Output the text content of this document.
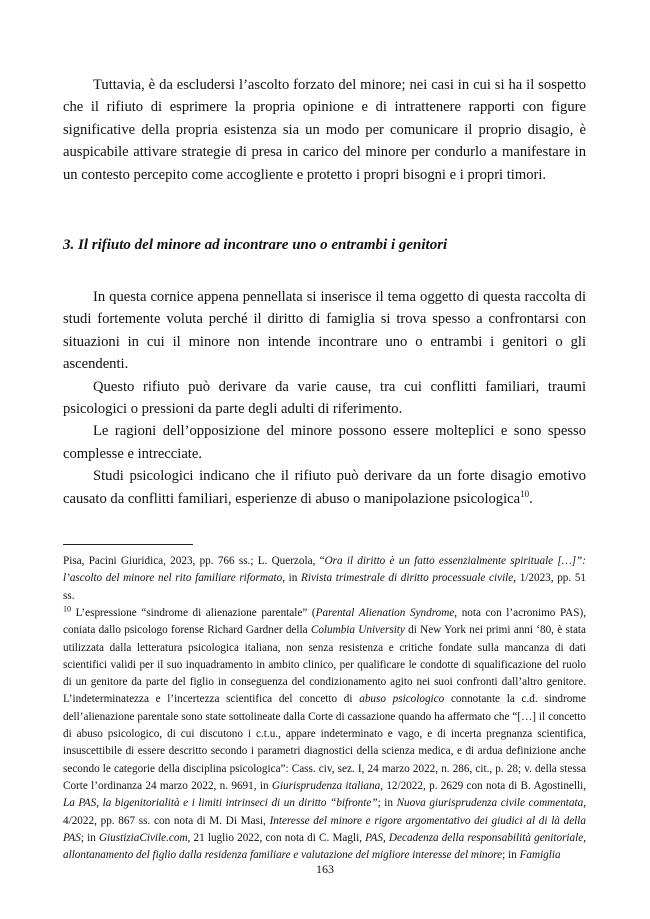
Tuttavia, è da escludersi l’ascolto forzato del minore; nei casi in cui si ha il sospetto che il rifiuto di esprimere la propria opinione e di intrattenere rapporti con figure significative della propria esistenza sia un modo per comunicare il proprio disagio, è auspicabile attivare strategie di presa in carico del minore per condurlo a manifestare in un contesto percepito come accogliente e protetto i propri bisogni e i propri timori.

3. Il rifiuto del minore ad incontrare uno o entrambi i genitori

In questa cornice appena pennellata si inserisce il tema oggetto di questa raccolta di studi fortemente voluta perché il diritto di famiglia si trova spesso a confrontarsi con situazioni in cui il minore non intende incontrare uno o entrambi i genitori o gli ascendenti.

Questo rifiuto può derivare da varie cause, tra cui conflitti familiari, traumi psicologici o pressioni da parte degli adulti di riferimento.

Le ragioni dell’opposizione del minore possono essere molteplici e sono spesso complesse e intrecciate.

Studi psicologici indicano che il rifiuto può derivare da un forte disagio emotivo causato da conflitti familiari, esperienze di abuso o manipolazione psicologica$^{10}$.

Pisa, Pacini Giuridica, 2023, pp. 766 ss.; L. Querzola, “Ora il diritto è un fatto essenzialmente spirituale […]”: l’ascolto del minore nel rito familiare riformato, in Rivista trimestrale di diritto processuale civile, 1/2023, pp. 51 ss.

$^{10}$ L’espressione “sindrome di alienazione parentale” (Parental Alienation Syndrome, nota con l’acronimo PAS), coniata dallo psicologo forense Richard Gardner della Columbia University di New York nei primi anni ‘80, è stata utilizzata dalla letteratura psicologica italiana, non senza resistenza e critiche fondate sulla mancanza di dati scientifici validi per il suo inquadramento in ambito clinico, per qualificare le condotte di squalificazione del ruolo di un genitore da parte del figlio in conseguenza del condizionamento agito nei suoi confronti dall’altro genitore. L’indeterminatezza e l’incertezza scientifica del concetto di abuso psicologico connotante la c.d. sindrome dell’alienazione parentale sono state sottolineate dalla Corte di cassazione quando ha affermato che “[…] il concetto di abuso psicologico, di cui discutono i c.t.u., appare indeterminato e vago, e di incerta pregnanza scientifica, insuscettibile di essere descritto secondo i parametri diagnostici della scienza medica, e di ardua definizione anche secondo le categorie della disciplina psicologica”: Cass. civ, sez. I, 24 marzo 2022, n. 286, cit., p. 28; v. della stessa Corte l’ordinanza 24 marzo 2022, n. 9691, in Giurisprudenza italiana, 12/2022, p. 2629 con nota di B. Agostinelli, La PAS, la bigenitorialità e i limiti intrinseci di un diritto “bifronte”; in Nuova giurisprudenza civile commentata, 4/2022, pp. 867 ss. con nota di M. Di Masi, Interesse del minore e rigore argomentativo dei giudici al di là della PAS; in GiustiziaCivile.com, 21 luglio 2022, con nota di C. Magli, PAS, Decadenza della responsabilità genitoriale, allontanamento del figlio dalla residenza familiare e valutazione del migliore interesse del minore; in Famiglia

163
